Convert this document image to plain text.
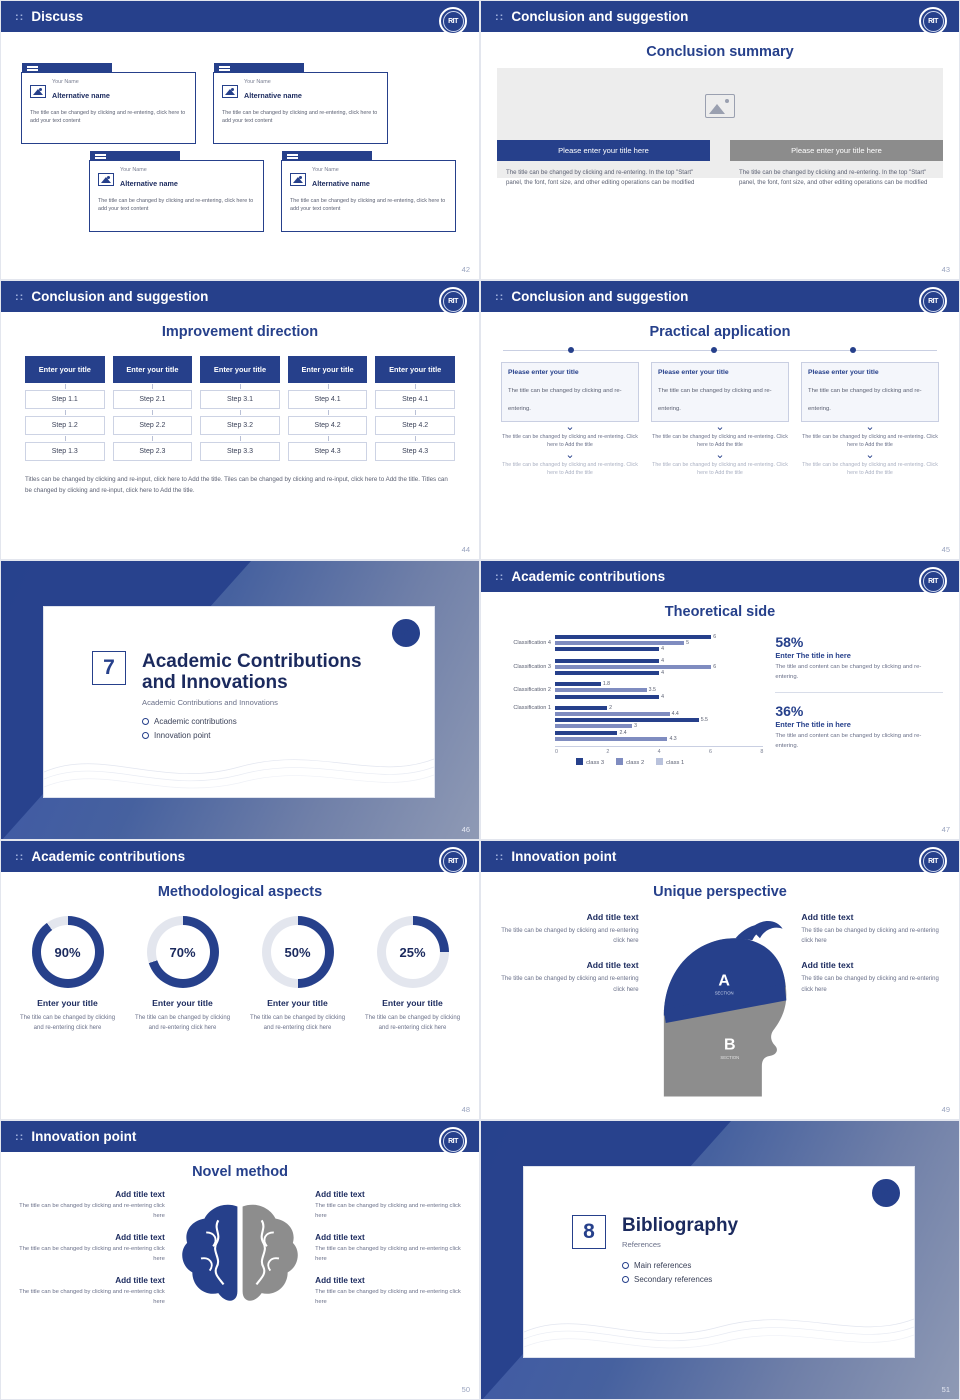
:: Discuss	RIT
Your Name
Alternative name
The title can be changed by clicking and re-entering, click here to add your text content
Your Name
Alternative name
The title can be changed by clicking and re-entering, click here to add your text content
Your Name
Alternative name
The title can be changed by clicking and re-entering, click here to add your text content
Your Name
Alternative name
The title can be changed by clicking and re-entering, click here to add your text content
42
:: Conclusion and suggestion	RIT
Conclusion summary
Please enter your title here
The title can be changed by clicking and re-entering. In the top "Start" panel, the font, font size, and other editing operations can be modified
Please enter your title here
The title can be changed by clicking and re-entering. In the top "Start" panel, the font, font size, and other editing operations can be modified
43
:: Conclusion and suggestion	RIT
Improvement direction
Enter your title
Step 1.1
Step 1.2
Step 1.3
Enter your title
Step 2.1
Step 2.2
Step 2.3
Enter your title
Step 3.1
Step 3.2
Step 3.3
Enter your title
Step 4.1
Step 4.2
Step 4.3
Enter your title
Step 4.1
Step 4.2
Step 4.3
Titles can be changed by clicking and re-input, click here to Add the title. Tiles can be changed by clicking and re-input, click here to Add the title. Titles can be changed by clicking and re-input, click here to Add the title.
44
:: Conclusion and suggestion	RIT
Practical application
Please enter your title
The title can be changed by clicking and re-entering.
⌄
The title can be changed by clicking and re-entering. Click here to Add the title
⌄
The title can be changed by clicking and re-entering. Click here to Add the title
Please enter your title
The title can be changed by clicking and re-entering.
⌄
The title can be changed by clicking and re-entering. Click here to Add the title
⌄
The title can be changed by clicking and re-entering. Click here to Add the title
Please enter your title
The title can be changed by clicking and re-entering.
⌄
The title can be changed by clicking and re-entering. Click here to Add the title
⌄
The title can be changed by clicking and re-entering. Click here to Add the title
45
RIT
7	Academic Contributions
and Innovations
Academic Contributions and Innovations
Academic contributions
Innovation point
46
:: Academic contributions	RIT
Theoretical side
Classification 4
6
5
4
Classification 3
4
6
4
Classification 2
1.8
3.5
4
Classification 1	2
4.4
5.5
3
2.4
4.3
0	2	4	6	8
class 3	class 2	class 1
58%
Enter The title in here
The title and content can be changed by clicking and re-entering.
36%
Enter The title in here
The title and content can be changed by clicking and re-entering.
47
:: Academic contributions	RIT
Methodological aspects
90%
Enter your title
The title can be changed by clicking and re-entering click here
70%
Enter your title
The title can be changed by clicking and re-entering click here
50%
Enter your title
The title can be changed by clicking and re-entering click here
25%
Enter your title
The title can be changed by clicking and re-entering click here
48
:: Innovation point	RIT
Unique perspective
Add title text
The title can be changed by clicking and re-entering click here
Add title text
The title can be changed by clicking and re-entering click here
A
SECTION
B
SECTION
Add title text
The title can be changed by clicking and re-entering click here
Add title text
The title can be changed by clicking and re-entering click here
49
:: Innovation point	RIT
Novel method
Add title text
The title can be changed by clicking and re-entering click here
Add title text
The title can be changed by clicking and re-entering click here
Add title text
The title can be changed by clicking and re-entering click here
Add title text
The title can be changed by clicking and re-entering click here
Add title text
The title can be changed by clicking and re-entering click here
Add title text
The title can be changed by clicking and re-entering click here
50
RIT
8	Bibliography
References
Main references
Secondary references
51
